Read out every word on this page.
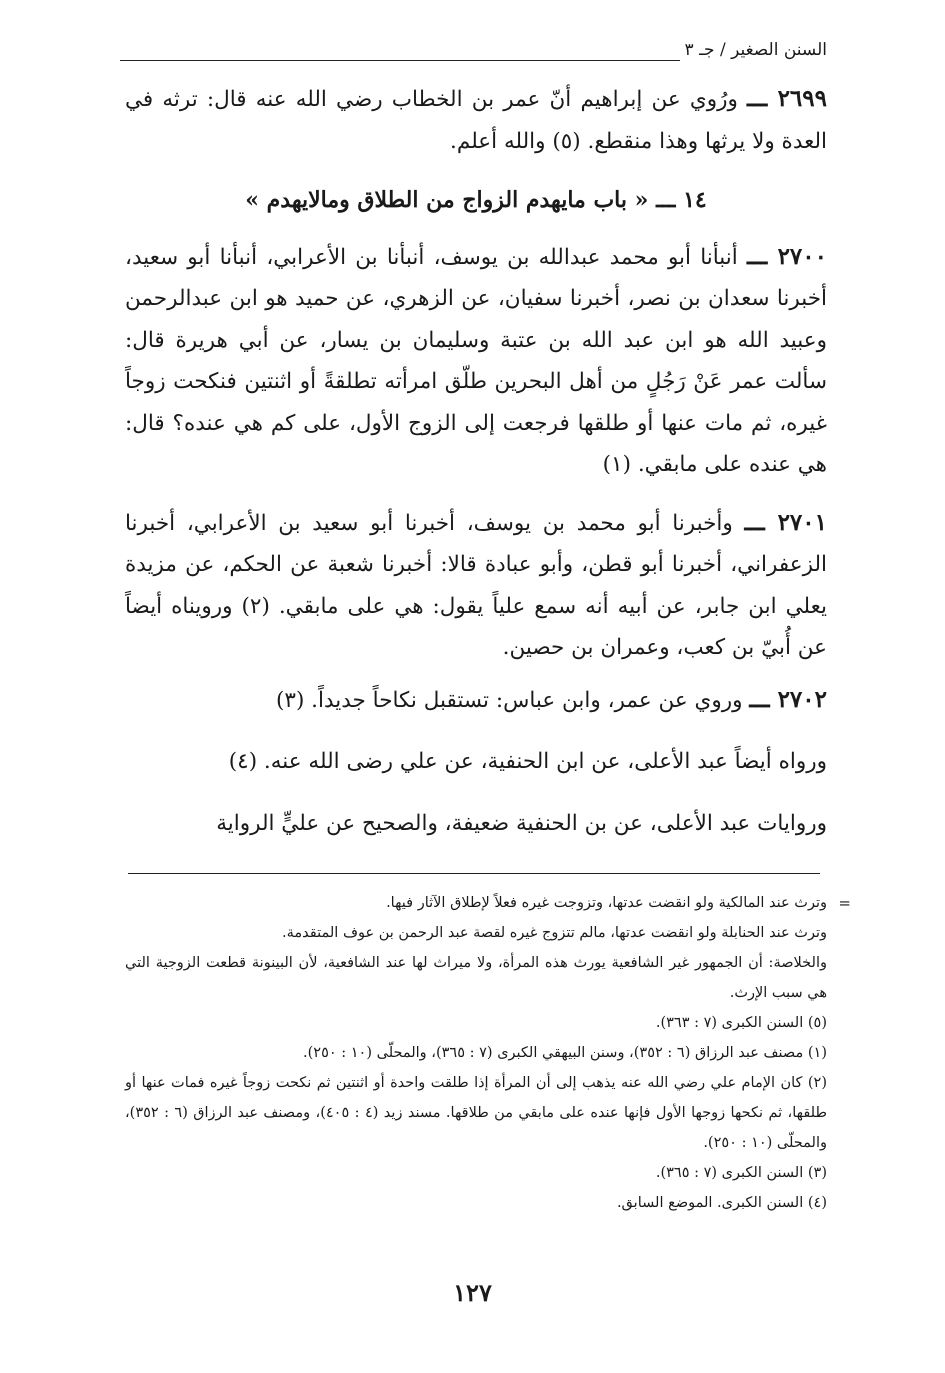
السنن الصغير / جـ ٣

٢٦٩٩ ـــ ورُوي عن إبراهيم أنّ عمر بن الخطاب رضي الله عنه قال: ترثه في العدة ولا يرثها وهذا منقطع. (٥) والله أعلم.

١٤ ـــ « باب مايهدم الزواج من الطلاق ومالايهدم »

٢٧٠٠ ـــ أنبأنا أبو محمد عبدالله بن يوسف، أنبأنا بن الأعرابي، أنبأنا أبو سعيد، أخبرنا سعدان بن نصر، أخبرنا سفيان، عن الزهري، عن حميد هو ابن عبدالرحمن وعبيد الله هو ابن عبد الله بن عتبة وسليمان بن يسار، عن أبي هريرة قال: سألت عمر عَنْ رَجُلٍ من أهل البحرين طلّق امرأته تطلقةً أو اثنتين فنكحت زوجاً غيره، ثم مات عنها أو طلقها فرجعت إلى الزوج الأول، على كم هي عنده؟ قال: هي عنده على مابقي. (١)

٢٧٠١ ـــ وأخبرنا أبو محمد بن يوسف، أخبرنا أبو سعيد بن الأعرابي، أخبرنا الزعفراني، أخبرنا أبو قطن، وأبو عبادة قالا: أخبرنا شعبة عن الحكم، عن مزيدة يعلي ابن جابر، عن أبيه أنه سمع علياً يقول: هي على مابقي. (٢) ورويناه أيضاً عن أُبيّ بن كعب، وعمران بن حصين.

٢٧٠٢ ـــ وروي عن عمر، وابن عباس: تستقبل نكاحاً جديداً. (٣)

ورواه أيضاً عبد الأعلى، عن ابن الحنفية، عن علي رضى الله عنه. (٤)

وروايات عبد الأعلى، عن بن الحنفية ضعيفة، والصحيح عن عليٍّ الرواية

=

وترث عند المالكية ولو انقضت عدتها، وتزوجت غيره فعلاً لإطلاق الآثار فيها.

وترث عند الحنابلة ولو انقضت عدتها، مالم تتزوج غيره لقصة عبد الرحمن بن عوف المتقدمة.

والخلاصة: أن الجمهور غير الشافعية يورث هذه المرأة، ولا ميراث لها عند الشافعية، لأن البينونة قطعت الزوجية التي هي سبب الإرث.

(٥) السنن الكبرى (٧ : ٣٦٣).

(١) مصنف عبد الرزاق (٦ : ٣٥٢)، وسنن البيهقي الكبرى (٧ : ٣٦٥)، والمحلّى (١٠ : ٢٥٠).

(٢) كان الإمام علي رضي الله عنه يذهب إلى أن المرأة إذا طلقت واحدة أو اثنتين ثم نكحت زوجاً غيره فمات عنها أو طلقها، ثم نكحها زوجها الأول فإنها عنده على مابقي من طلاقها. مسند زيد (٤ : ٤٠٥)، ومصنف عبد الرزاق (٦ : ٣٥٢)، والمحلّى (١٠ : ٢٥٠).

(٣) السنن الكبرى (٧ : ٣٦٥).

(٤) السنن الكبرى. الموضع السابق.

١٢٧
